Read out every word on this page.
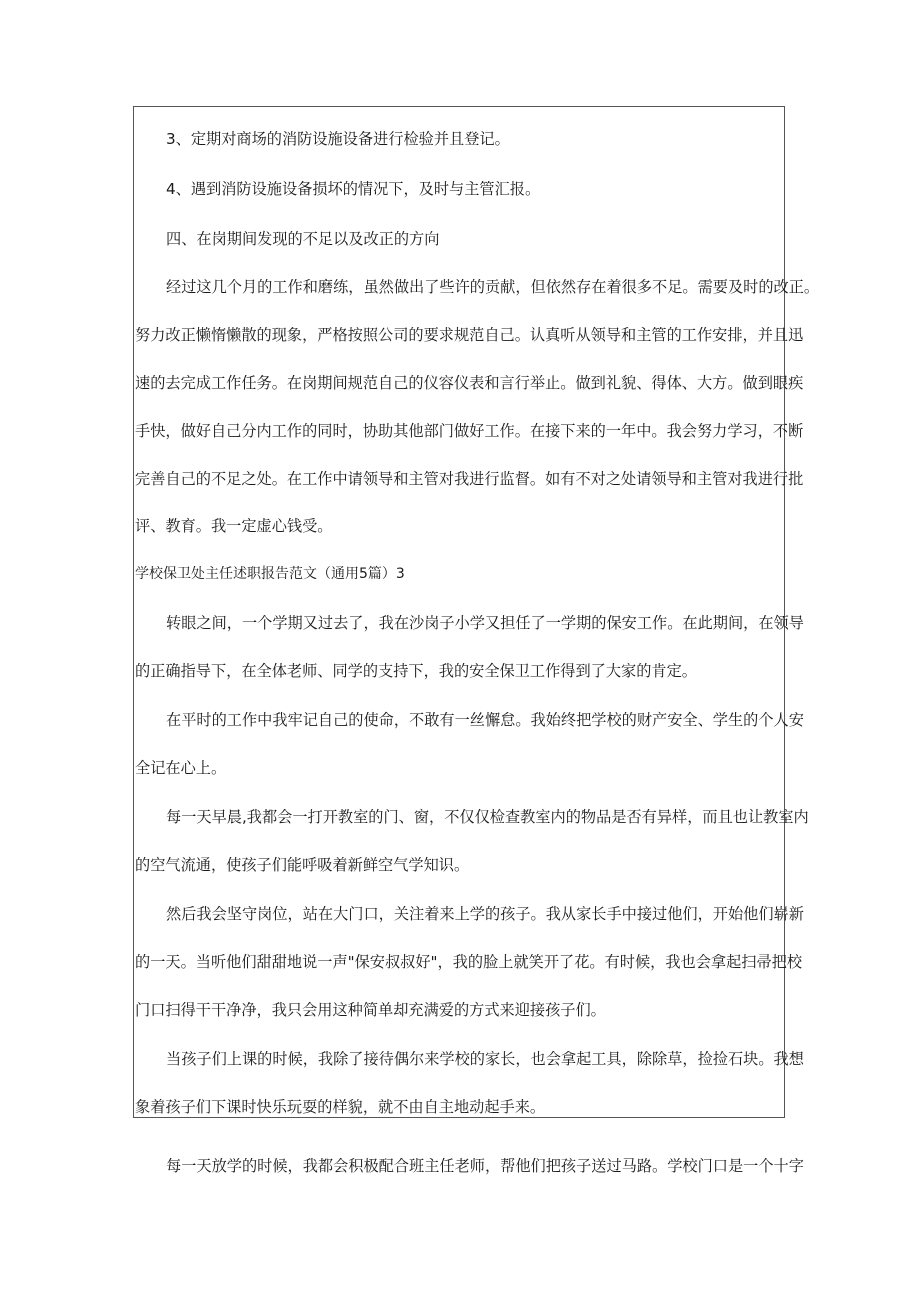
3、定期对商场的消防设施设备进行检验并且登记。
4、遇到消防设施设备损坏的情况下，及时与主管汇报。
四、在岗期间发现的不足以及改正的方向
经过这几个月的工作和磨练，虽然做出了些许的贡献，但依然存在着很多不足。需要及时的改正。
努力改正懒惰懒散的现象，严格按照公司的要求规范自己。认真听从领导和主管的工作安排，并且迅
速的去完成工作任务。在岗期间规范自己的仪容仪表和言行举止。做到礼貌、得体、大方。做到眼疾
手快，做好自己分内工作的同时，协助其他部门做好工作。在接下来的一年中。我会努力学习，不断
完善自己的不足之处。在工作中请领导和主管对我进行监督。如有不对之处请领导和主管对我进行批
评、教育。我一定虚心钱受。
学校保卫处主任述职报告范文（通用5篇）3
转眼之间，一个学期又过去了，我在沙岗子小学又担任了一学期的保安工作。在此期间，在领导
的正确指导下，在全体老师、同学的支持下，我的安全保卫工作得到了大家的肯定。
在平时的工作中我牢记自己的使命，不敢有一丝懈怠。我始终把学校的财产安全、学生的个人安
全记在心上。
每一天早晨,我都会一打开教室的门、窗，不仅仅检查教室内的物品是否有异样，而且也让教室内
的空气流通，使孩子们能呼吸着新鲜空气学知识。
然后我会坚守岗位，站在大门口，关注着来上学的孩子。我从家长手中接过他们，开始他们崭新
的一天。当听他们甜甜地说一声"保安叔叔好"，我的脸上就笑开了花。有时候，我也会拿起扫帚把校
门口扫得干干净净，我只会用这种简单却充满爱的方式来迎接孩子们。
当孩子们上课的时候，我除了接待偶尔来学校的家长，也会拿起工具，除除草，捡捡石块。我想
象着孩子们下课时快乐玩耍的样貌，就不由自主地动起手来。
每一天放学的时候，我都会积极配合班主任老师，帮他们把孩子送过马路。学校门口是一个十字
